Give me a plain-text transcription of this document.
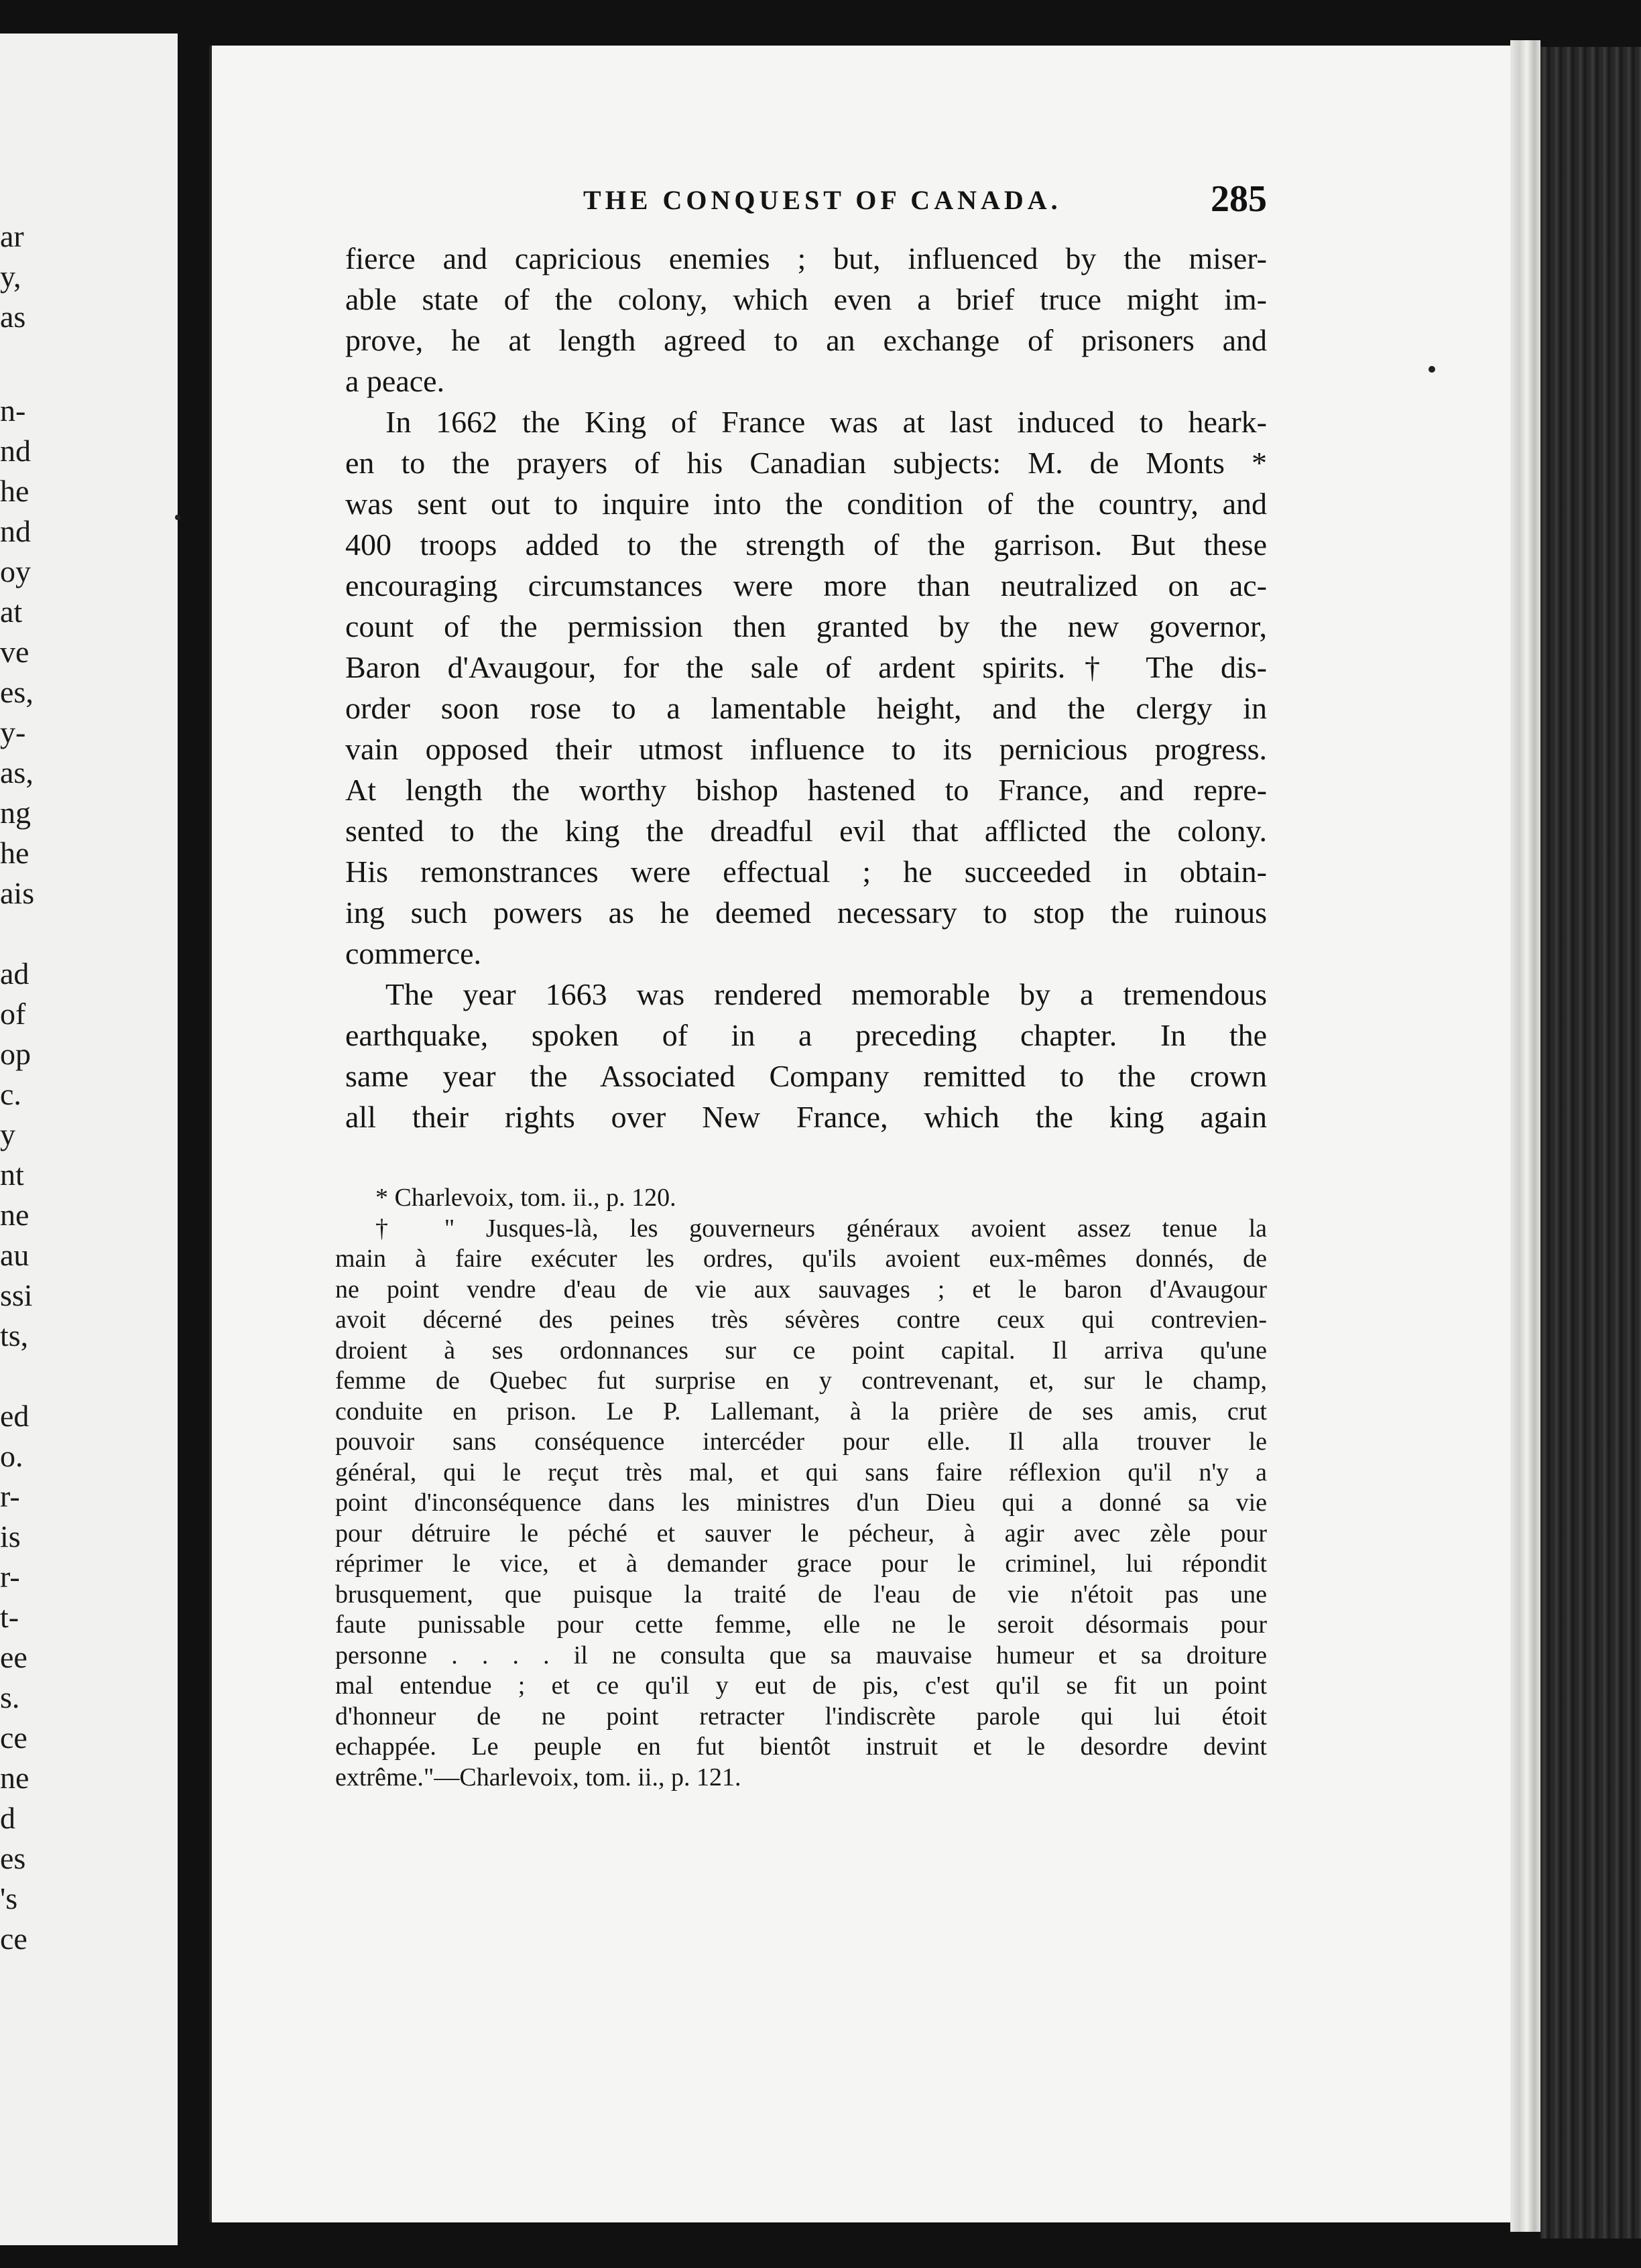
ar
y,
as
n-
nd
he
nd
oy
at
ve
es,
y-
as,
ng
he
ais
ad
of
op
c.
y
nt
ne
au
ssi
ts,
ed
o.
r-
is
r-
t-
ee
s.
ce
ne
d
es
's
ce
THE CONQUEST OF CANADA.	285

fierce and capricious enemies ; but, influenced by the miser-
able state of the colony, which even a brief truce might im-
prove, he at length agreed to an exchange of prisoners and
a peace.

In 1662 the King of France was at last induced to heark-
en to the prayers of his Canadian subjects: M. de Monts *
was sent out to inquire into the condition of the country, and
400 troops added to the strength of the garrison. But these
encouraging circumstances were more than neutralized on ac-
count of the permission then granted by the new governor,
Baron d'Avaugour, for the sale of ardent spirits.† The dis-
order soon rose to a lamentable height, and the clergy in
vain opposed their utmost influence to its pernicious progress.
At length the worthy bishop hastened to France, and repre-
sented to the king the dreadful evil that afflicted the colony.
His remonstrances were effectual ; he succeeded in obtain-
ing such powers as he deemed necessary to stop the ruinous
commerce.

The year 1663 was rendered memorable by a tremendous
earthquake, spoken of in a preceding chapter. In the
same year the Associated Company remitted to the crown
all their rights over New France, which the king again

* Charlevoix, tom. ii., p. 120.

† " Jusques-là, les gouverneurs généraux avoient assez tenue la
main à faire exécuter les ordres, qu'ils avoient eux-mêmes donnés, de
ne point vendre d'eau de vie aux sauvages ; et le baron d'Avaugour
avoit décerné des peines très sévères contre ceux qui contrevien-
droient à ses ordonnances sur ce point capital. Il arriva qu'une
femme de Quebec fut surprise en y contrevenant, et, sur le champ,
conduite en prison. Le P. Lallemant, à la prière de ses amis, crut
pouvoir sans conséquence intercéder pour elle. Il alla trouver le
général, qui le reçut très mal, et qui sans faire réflexion qu'il n'y a
point d'inconséquence dans les ministres d'un Dieu qui a donné sa vie
pour détruire le péché et sauver le pécheur, à agir avec zèle pour
réprimer le vice, et à demander grace pour le criminel, lui répondit
brusquement, que puisque la traité de l'eau de vie n'étoit pas une
faute punissable pour cette femme, elle ne le seroit désormais pour
personne . . . . il ne consulta que sa mauvaise humeur et sa droiture
mal entendue ; et ce qu'il y eut de pis, c'est qu'il se fit un point
d'honneur de ne point retracter l'indiscrète parole qui lui étoit
echappée. Le peuple en fut bientôt instruit et le desordre devint
extrême."—Charlevoix, tom. ii., p. 121.
